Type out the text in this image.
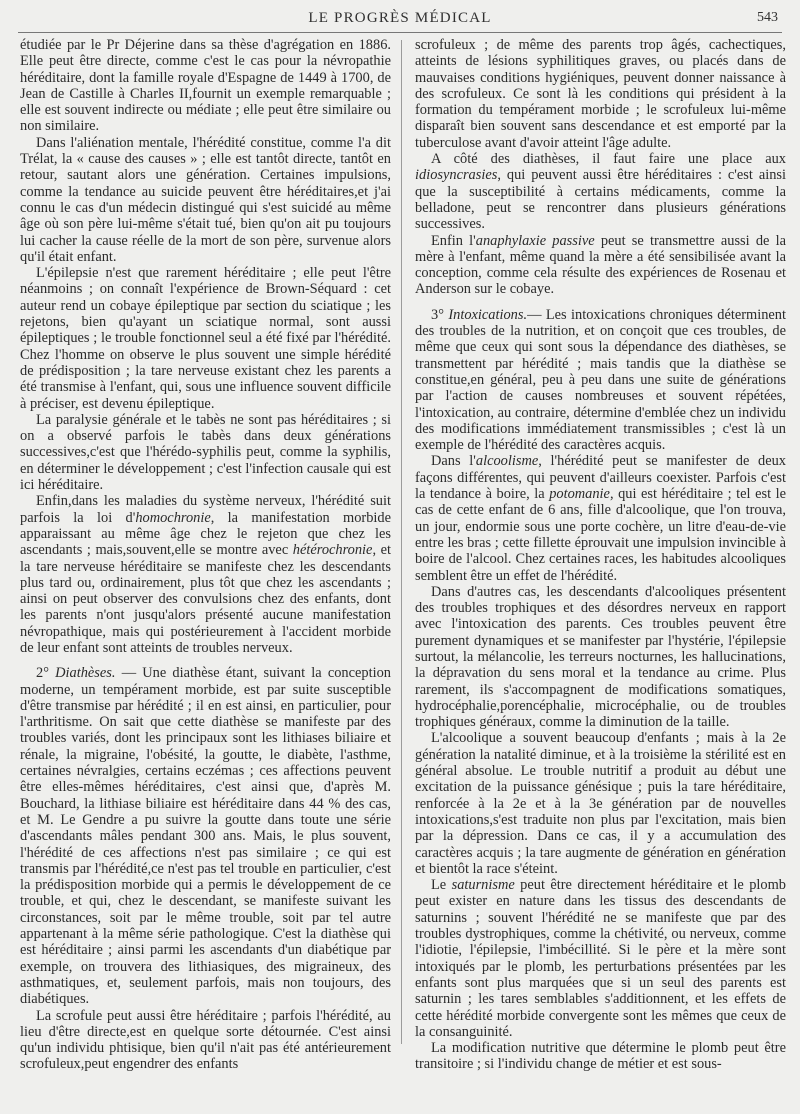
LE PROGRÈS MÉDICAL	543

étudiée par le Pr Déjerine dans sa thèse d'agrégation en 1886. Elle peut être directe, comme c'est le cas pour la névropathie héréditaire, dont la famille royale d'Espagne de 1449 à 1700, de Jean de Castille à Charles II,fournit un exemple remarquable ; elle est souvent indirecte ou médiate ; elle peut être similaire ou non similaire.

Dans l'aliénation mentale, l'hérédité constitue, comme l'a dit Trélat, la « cause des causes » ; elle est tantôt directe, tantôt en retour, sautant alors une génération. Certaines impulsions, comme la tendance au suicide peuvent être héréditaires,et j'ai connu le cas d'un médecin distingué qui s'est suicidé au même âge où son père lui-même s'était tué, bien qu'on ait pu toujours lui cacher la cause réelle de la mort de son père, survenue alors qu'il était enfant.

L'épilepsie n'est que rarement héréditaire ; elle peut l'être néanmoins ; on connaît l'expérience de Brown-Séquard : cet auteur rend un cobaye épileptique par section du sciatique ; les rejetons, bien qu'ayant un sciatique normal, sont aussi épileptiques ; le trouble fonctionnel seul a été fixé par l'hérédité. Chez l'homme on observe le plus souvent une simple hérédité de prédisposition ; la tare nerveuse existant chez les parents a été transmise à l'enfant, qui, sous une influence souvent difficile à préciser, est devenu épileptique.

La paralysie générale et le tabès ne sont pas héréditaires ; si on a observé parfois le tabès dans deux générations successives,c'est que l'hérédo-syphilis peut, comme la syphilis, en déterminer le développement ; c'est l'infection causale qui est ici héréditaire.

Enfin,dans les maladies du système nerveux, l'hérédité suit parfois la loi d'homochronie, la manifestation morbide apparaissant au même âge chez le rejeton que chez les ascendants ; mais,souvent,elle se montre avec hétérochronie, et la tare nerveuse héréditaire se manifeste chez les descendants plus tard ou, ordinairement, plus tôt que chez les ascendants ; ainsi on peut observer des convulsions chez des enfants, dont les parents n'ont jusqu'alors présenté aucune manifestation névropathique, mais qui postérieurement à l'accident morbide de leur enfant sont atteints de troubles nerveux.

2° Diathèses. — Une diathèse étant, suivant la conception moderne, un tempérament morbide, est par suite susceptible d'être transmise par hérédité ; il en est ainsi, en particulier, pour l'arthritisme. On sait que cette diathèse se manifeste par des troubles variés, dont les principaux sont les lithiases biliaire et rénale, la migraine, l'obésité, la goutte, le diabète, l'asthme, certaines névralgies, certains eczémas ; ces affections peuvent être elles-mêmes héréditaires, c'est ainsi que, d'après M. Bouchard, la lithiase biliaire est héréditaire dans 44 % des cas, et M. Le Gendre a pu suivre la goutte dans toute une série d'ascendants mâles pendant 300 ans. Mais, le plus souvent, l'hérédité de ces affections n'est pas similaire ; ce qui est transmis par l'hérédité,ce n'est pas tel trouble en particulier, c'est la prédisposition morbide qui a permis le développement de ce trouble, et qui, chez le descendant, se manifeste suivant les circonstances, soit par le même trouble, soit par tel autre appartenant à la même série pathologique. C'est la diathèse qui est héréditaire ; ainsi parmi les ascendants d'un diabétique par exemple, on trouvera des lithiasiques, des migraineux, des asthmatiques, et, seulement parfois, mais non toujours, des diabétiques.

La scrofule peut aussi être héréditaire ; parfois l'hérédité, au lieu d'être directe,est en quelque sorte détournée. C'est ainsi qu'un individu phtisique, bien qu'il n'ait pas été antérieurement scrofuleux,peut engendrer des enfants

scrofuleux ; de même des parents trop âgés, cachectiques, atteints de lésions syphilitiques graves, ou placés dans de mauvaises conditions hygiéniques, peuvent donner naissance à des scrofuleux. Ce sont là les conditions qui président à la formation du tempérament morbide ; le scrofuleux lui-même disparaît bien souvent sans descendance et est emporté par la tuberculose avant d'avoir atteint l'âge adulte.

A côté des diathèses, il faut faire une place aux idiosyncrasies, qui peuvent aussi être héréditaires : c'est ainsi que la susceptibilité à certains médicaments, comme la belladone, peut se rencontrer dans plusieurs générations successives.

Enfin l'anaphylaxie passive peut se transmettre aussi de la mère à l'enfant, même quand la mère a été sensibilisée avant la conception, comme cela résulte des expériences de Rosenau et Anderson sur le cobaye.

3° Intoxications.— Les intoxications chroniques déterminent des troubles de la nutrition, et on conçoit que ces troubles, de même que ceux qui sont sous la dépendance des diathèses, se transmettent par hérédité ; mais tandis que la diathèse se constitue,en général, peu à peu dans une suite de générations par l'action de causes nombreuses et souvent répétées, l'intoxication, au contraire, détermine d'emblée chez un individu des modifications immédiatement transmissibles ; c'est là un exemple de l'hérédité des caractères acquis.

Dans l'alcoolisme, l'hérédité peut se manifester de deux façons différentes, qui peuvent d'ailleurs coexister. Parfois c'est la tendance à boire, la potomanie, qui est héréditaire ; tel est le cas de cette enfant de 6 ans, fille d'alcoolique, que l'on trouva, un jour, endormie sous une porte cochère, un litre d'eau-de-vie entre les bras ; cette fillette éprouvait une impulsion invincible à boire de l'alcool. Chez certaines races, les habitudes alcooliques semblent être un effet de l'hérédité.

Dans d'autres cas, les descendants d'alcooliques présentent des troubles trophiques et des désordres nerveux en rapport avec l'intoxication des parents. Ces troubles peuvent être purement dynamiques et se manifester par l'hystérie, l'épilepsie surtout, la mélancolie, les terreurs nocturnes, les hallucinations, la dépravation du sens moral et la tendance au crime. Plus rarement, ils s'accompagnent de modifications somatiques, hydrocéphalie,porencéphalie, microcéphalie, ou de troubles trophiques généraux, comme la diminution de la taille.

L'alcoolique a souvent beaucoup d'enfants ; mais à la 2e génération la natalité diminue, et à la troisième la stérilité est en général absolue. Le trouble nutritif a produit au début une excitation de la puissance génésique ; puis la tare héréditaire, renforcée à la 2e et à la 3e génération par de nouvelles intoxications,s'est traduite non plus par l'excitation, mais bien par la dépression. Dans ce cas, il y a accumulation des caractères acquis ; la tare augmente de génération en génération et bientôt la race s'éteint.

Le saturnisme peut être directement héréditaire et le plomb peut exister en nature dans les tissus des descendants de saturnins ; souvent l'hérédité ne se manifeste que par des troubles dystrophiques, comme la chétivité, ou nerveux, comme l'idiotie, l'épilepsie, l'imbécillité. Si le père et la mère sont intoxiqués par le plomb, les perturbations présentées par les enfants sont plus marquées que si un seul des parents est saturnin ; les tares semblables s'additionnent, et les effets de cette hérédité morbide convergente sont les mêmes que ceux de la consanguinité.

La modification nutritive que détermine le plomb peut être transitoire ; si l'individu change de métier et est sous-
